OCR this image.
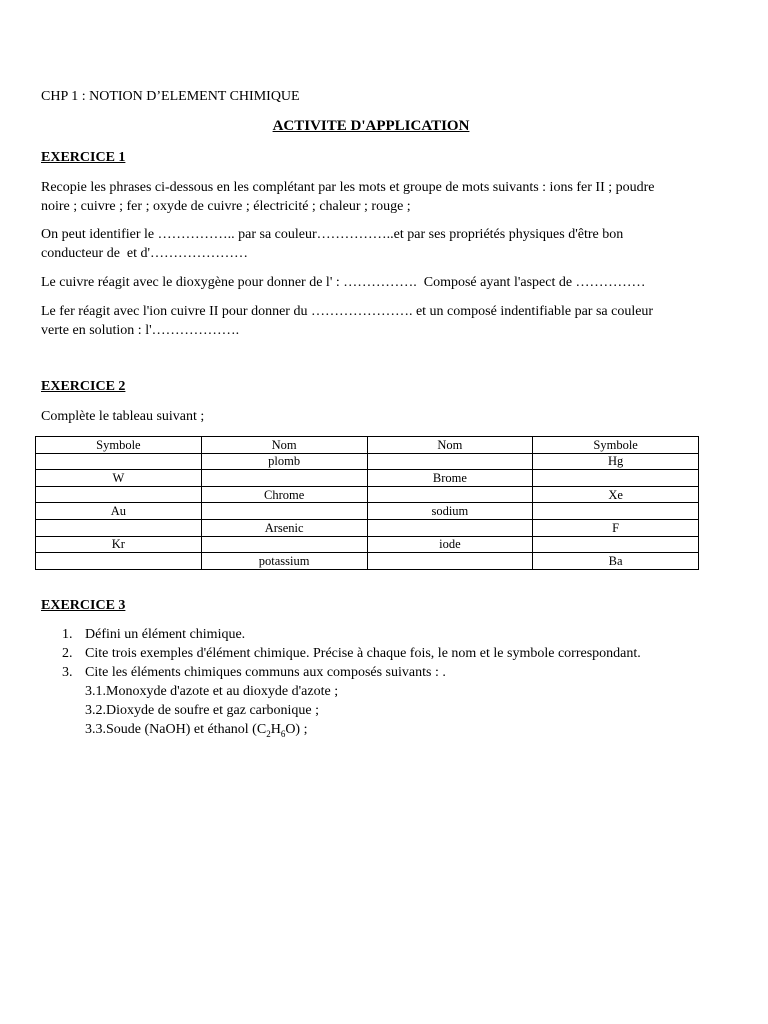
CHP 1 : NOTION D’ELEMENT CHIMIQUE
ACTIVITE D'APPLICATION
EXERCICE 1
Recopie les phrases ci-dessous en les complétant par les mots et groupe de mots suivants : ions fer II ; poudre
noire ; cuivre ; fer ; oxyde de cuivre ; électricité ; chaleur ; rouge ;
On peut identifier le …………….. par sa couleur……………..et par ses propriétés physiques d'être bon
conducteur de  et d'…………………
Le cuivre réagit avec le dioxygène pour donner de l' : …………….  Composé ayant l'aspect de ……………
Le fer réagit avec l'ion cuivre II pour donner du …………………. et un composé indentifiable par sa couleur
verte en solution : l'……………….
EXERCICE 2
Complète le tableau suivant ;
Symbole	Nom	Nom	Symbole
	plomb		Hg
W		Brome	
	Chrome		Xe
Au		sodium	
	Arsenic		F
Kr		iode	
	potassium		Ba
EXERCICE 3
1. Défini un élément chimique.
2. Cite trois exemples d'élément chimique. Précise à chaque fois, le nom et le symbole correspondant.
3. Cite les éléments chimiques communs aux composés suivants : .
3.1.Monoxyde d'azote et au dioxyde d'azote ;
3.2.Dioxyde de soufre et gaz carbonique ;
3.3.Soude (NaOH) et éthanol $(C_2H_6O)$ ;
